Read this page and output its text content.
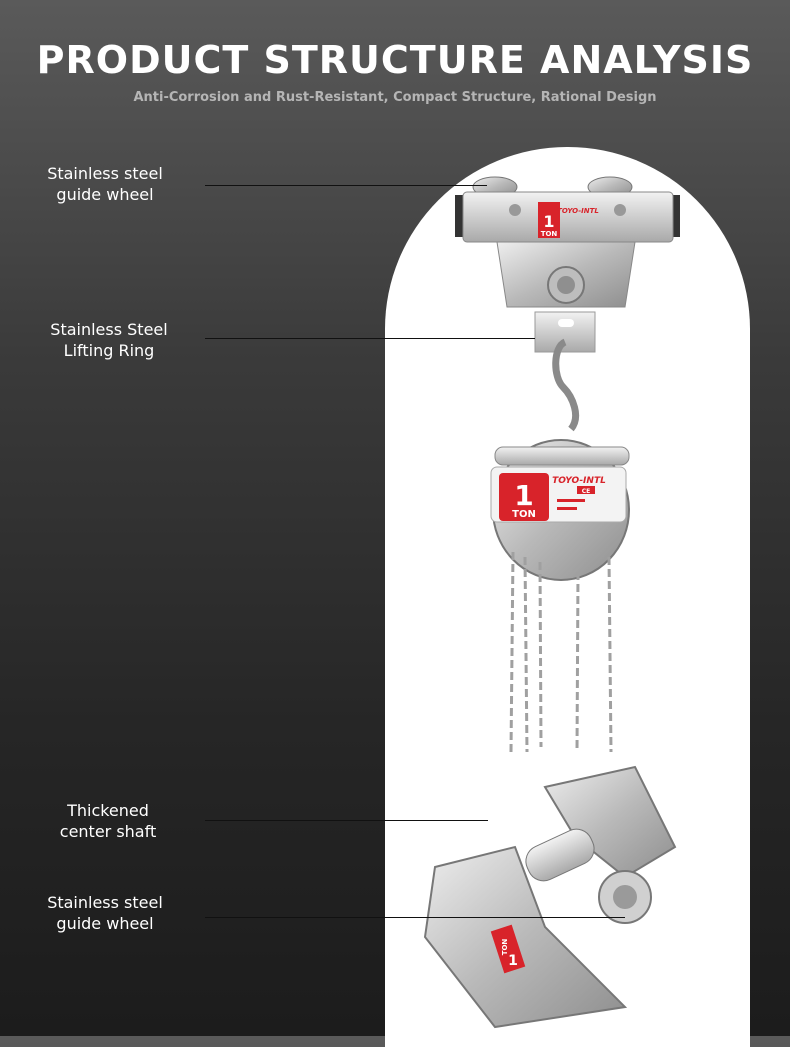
PRODUCT STRUCTURE ANALYSIS
Anti-Corrosion and Rust-Resistant, Compact Structure, Rational Design
1
TON
TOYO-INTL
1
TON
TOYO-INTL
CE
TON
1
Stainless steel
guide wheel
Stainless Steel
Lifting Ring
Thickened
center shaft
Stainless steel
guide wheel
